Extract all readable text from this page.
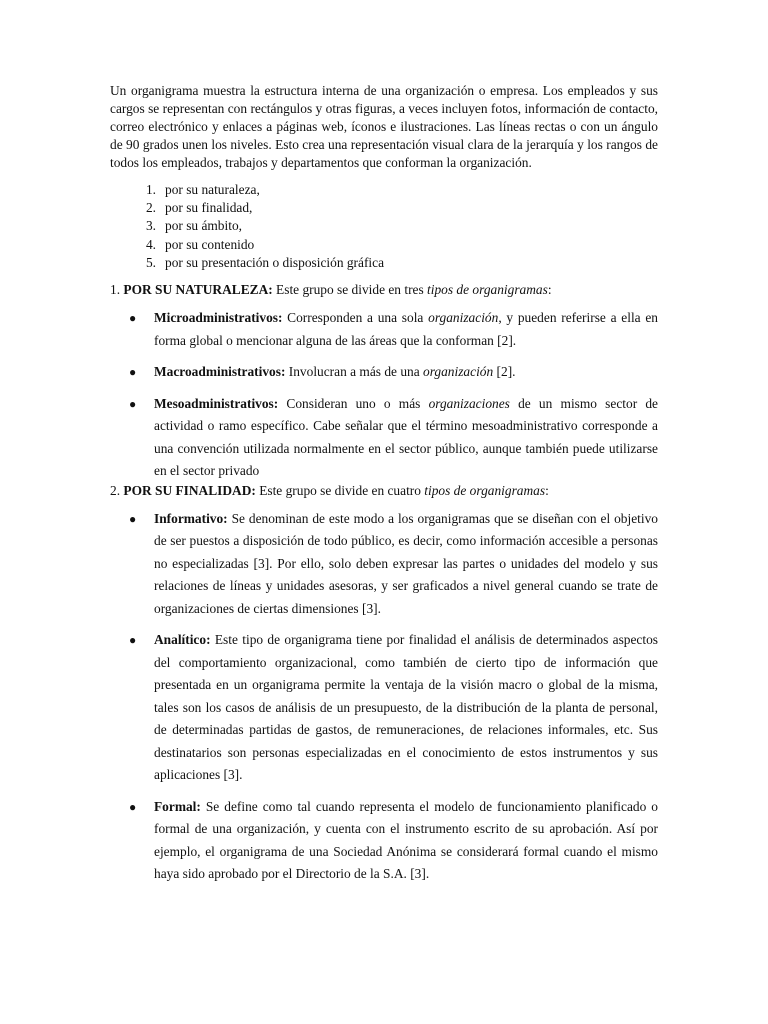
Un organigrama muestra la estructura interna de una organización o empresa. Los empleados y sus cargos se representan con rectángulos y otras figuras, a veces incluyen fotos, información de contacto, correo electrónico y enlaces a páginas web, íconos e ilustraciones. Las líneas rectas o con un ángulo de 90 grados unen los niveles. Esto crea una representación visual clara de la jerarquía y los rangos de todos los empleados, trabajos y departamentos que conforman la organización.

1. por su naturaleza,
2. por su finalidad,
3. por su ámbito,
4. por su contenido
5. por su presentación o disposición gráfica

1. POR SU NATURALEZA: Este grupo se divide en tres tipos de organigramas:

● Microadministrativos: Corresponden a una sola organización, y pueden referirse a ella en forma global o mencionar alguna de las áreas que la conforman [2].
● Macroadministrativos: Involucran a más de una organización [2].
● Mesoadministrativos: Consideran uno o más organizaciones de un mismo sector de actividad o ramo específico. Cabe señalar que el término mesoadministrativo corresponde a una convención utilizada normalmente en el sector público, aunque también puede utilizarse en el sector privado

2. POR SU FINALIDAD: Este grupo se divide en cuatro tipos de organigramas:

● Informativo: Se denominan de este modo a los organigramas que se diseñan con el objetivo de ser puestos a disposición de todo público, es decir, como información accesible a personas no especializadas [3]. Por ello, solo deben expresar las partes o unidades del modelo y sus relaciones de líneas y unidades asesoras, y ser graficados a nivel general cuando se trate de organizaciones de ciertas dimensiones [3].
● Analítico: Este tipo de organigrama tiene por finalidad el análisis de determinados aspectos del comportamiento organizacional, como también de cierto tipo de información que presentada en un organigrama permite la ventaja de la visión macro o global de la misma, tales son los casos de análisis de un presupuesto, de la distribución de la planta de personal, de determinadas partidas de gastos, de remuneraciones, de relaciones informales, etc. Sus destinatarios son personas especializadas en el conocimiento de estos instrumentos y sus aplicaciones [3].
● Formal: Se define como tal cuando representa el modelo de funcionamiento planificado o formal de una organización, y cuenta con el instrumento escrito de su aprobación. Así por ejemplo, el organigrama de una Sociedad Anónima se considerará formal cuando el mismo haya sido aprobado por el Directorio de la S.A. [3].
